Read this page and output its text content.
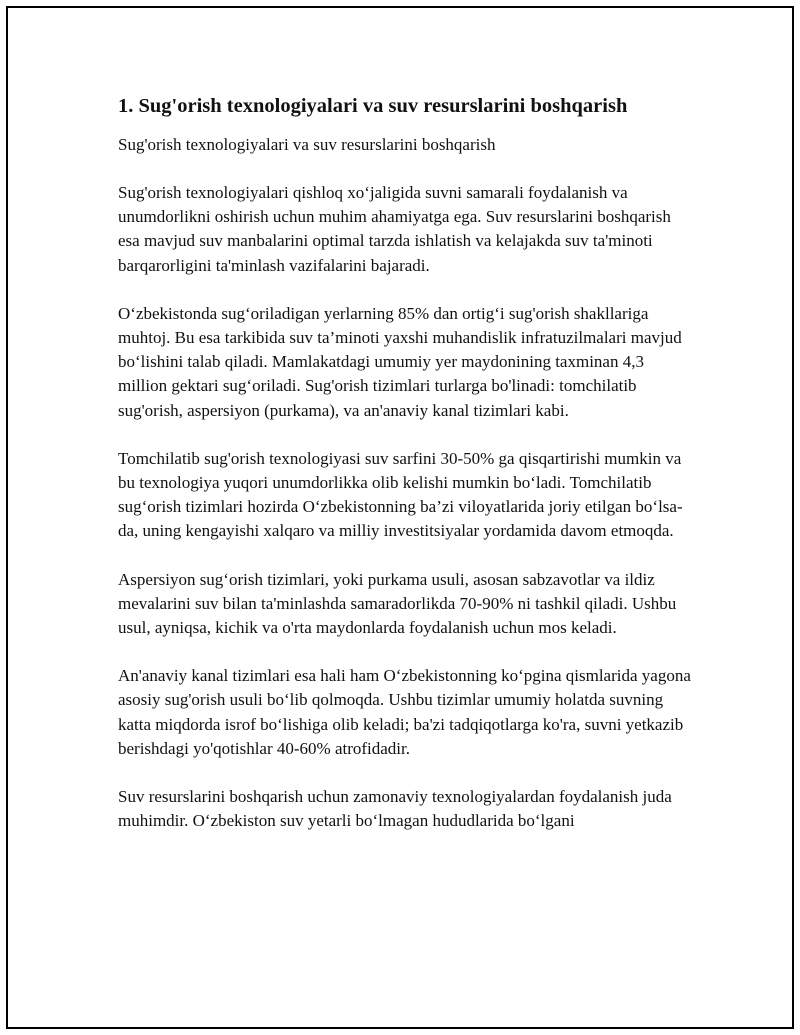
1. Sug'orish texnologiyalari va suv resurslarini boshqarish
Sug'orish texnologiyalari va suv resurslarini boshqarish

Sug'orish texnologiyalari qishloq xo‘jaligida suvni samarali foydalanish va unumdorlikni oshirish uchun muhim ahamiyatga ega. Suv resurslarini boshqarish esa mavjud suv manbalarini optimal tarzda ishlatish va kelajakda suv ta'minoti barqarorligini ta'minlash vazifalarini bajaradi.

O‘zbekistonda sug‘oriladigan yerlarning 85% dan ortig‘i sug'orish shakllariga muhtoj. Bu esa tarkibida suv ta’minoti yaxshi muhandislik infratuzilmalari mavjud bo‘lishini talab qiladi. Mamlakatdagi umumiy yer maydonining taxminan 4,3 million gektari sug‘oriladi. Sug'orish tizimlari turlarga bo'linadi: tomchilatib sug'orish, aspersiyon (purkama), va an'anaviy kanal tizimlari kabi.

Tomchilatib sug'orish texnologiyasi suv sarfini 30-50% ga qisqartirishi mumkin va bu texnologiya yuqori unumdorlikka olib kelishi mumkin bo‘ladi. Tomchilatib sug‘orish tizimlari hozirda O‘zbekistonning ba’zi viloyatlarida joriy etilgan bo‘lsa-da, uning kengayishi xalqaro va milliy investitsiyalar yordamida davom etmoqda.

Aspersiyon sug‘orish tizimlari, yoki purkama usuli, asosan sabzavotlar va ildiz mevalarini suv bilan ta'minlashda samaradorlikda 70-90% ni tashkil qiladi. Ushbu usul, ayniqsa, kichik va o'rta maydonlarda foydalanish uchun mos keladi.

An'anaviy kanal tizimlari esa hali ham O‘zbekistonning ko‘pgina qismlarida yagona asosiy sug'orish usuli bo‘lib qolmoqda. Ushbu tizimlar umumiy holatda suvning katta miqdorda isrof bo‘lishiga olib keladi; ba'zi tadqiqotlarga ko'ra, suvni yetkazib berishdagi yo'qotishlar 40-60% atrofidadir.

Suv resurslarini boshqarish uchun zamonaviy texnologiyalardan foydalanish juda muhimdir. O‘zbekiston suv yetarli bo‘lmagan hududlarida bo‘lgani
